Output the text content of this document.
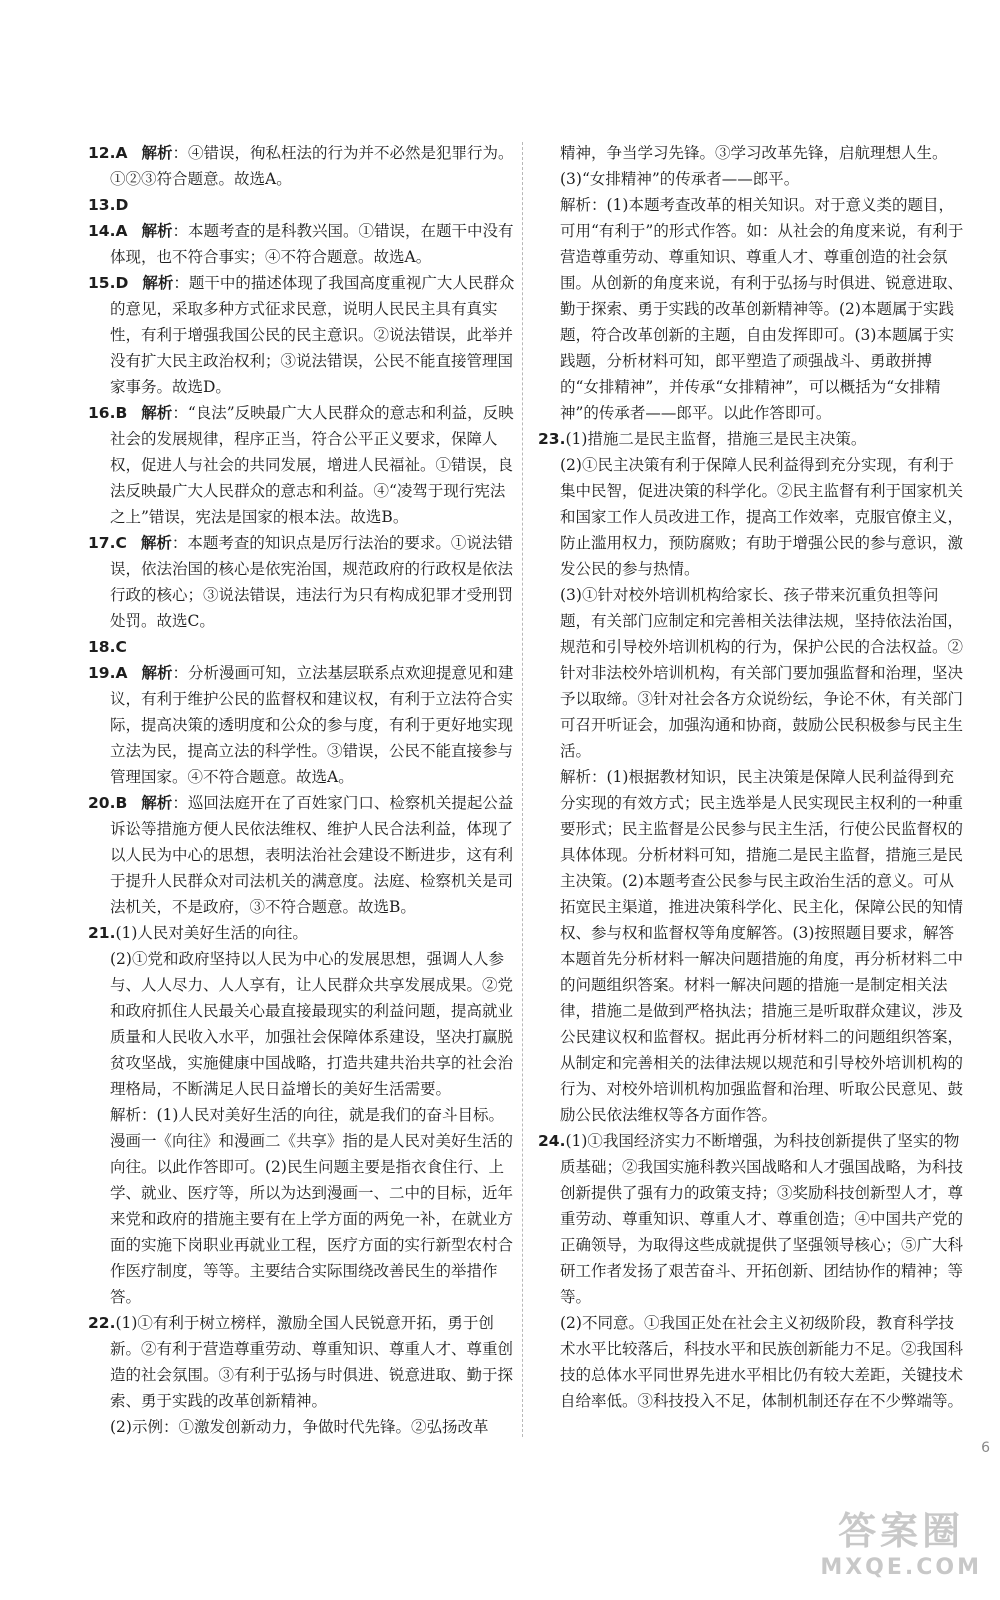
12.A 解析：④错误，徇私枉法的行为并不必然是犯罪行为。①②③符合题意。故选A。

13.D

14.A 解析：本题考查的是科教兴国。①错误，在题干中没有体现，也不符合事实；④不符合题意。故选A。

15.D 解析：题干中的描述体现了我国高度重视广大人民群众的意见，采取多种方式征求民意，说明人民民主具有真实性，有利于增强我国公民的民主意识。②说法错误，此举并没有扩大民主政治权利；③说法错误，公民不能直接管理国家事务。故选D。

16.B 解析：“良法”反映最广大人民群众的意志和利益，反映社会的发展规律，程序正当，符合公平正义要求，保障人权，促进人与社会的共同发展，增进人民福祉。①错误，良法反映最广大人民群众的意志和利益。④“凌驾于现行宪法之上”错误，宪法是国家的根本法。故选B。

17.C 解析：本题考查的知识点是厉行法治的要求。①说法错误，依法治国的核心是依宪治国，规范政府的行政权是依法行政的核心；③说法错误，违法行为只有构成犯罪才受刑罚处罚。故选C。

18.C

19.A 解析：分析漫画可知，立法基层联系点欢迎提意见和建议，有利于维护公民的监督权和建议权，有利于立法符合实际，提高决策的透明度和公众的参与度，有利于更好地实现立法为民，提高立法的科学性。③错误，公民不能直接参与管理国家。④不符合题意。故选A。

20.B 解析：巡回法庭开在了百姓家门口、检察机关提起公益诉讼等措施方便人民依法维权、维护人民合法利益，体现了以人民为中心的思想，表明法治社会建设不断进步，这有利于提升人民群众对司法机关的满意度。法庭、检察机关是司法机关，不是政府，③不符合题意。故选B。

21.(1)人民对美好生活的向往。

(2)①党和政府坚持以人民为中心的发展思想，强调人人参与、人人尽力、人人享有，让人民群众共享发展成果。②党和政府抓住人民最关心最直接最现实的利益问题，提高就业质量和人民收入水平，加强社会保障体系建设，坚决打赢脱贫攻坚战，实施健康中国战略，打造共建共治共享的社会治理格局，不断满足人民日益增长的美好生活需要。

解析：(1)人民对美好生活的向往，就是我们的奋斗目标。漫画一《向往》和漫画二《共享》指的是人民对美好生活的向往。以此作答即可。(2)民生问题主要是指衣食住行、上学、就业、医疗等，所以为达到漫画一、二中的目标，近年来党和政府的措施主要有在上学方面的两免一补，在就业方面的实施下岗职业再就业工程，医疗方面的实行新型农村合作医疗制度，等等。主要结合实际围绕改善民生的举措作答。

22.(1)①有利于树立榜样，激励全国人民锐意开拓，勇于创新。②有利于营造尊重劳动、尊重知识、尊重人才、尊重创造的社会氛围。③有利于弘扬与时俱进、锐意进取、勤于探索、勇于实践的改革创新精神。

(2)示例：①激发创新动力，争做时代先锋。②弘扬改革

精神，争当学习先锋。③学习改革先锋，启航理想人生。

(3)“女排精神”的传承者——郎平。

解析：(1)本题考查改革的相关知识。对于意义类的题目，可用“有利于”的形式作答。如：从社会的角度来说，有利于营造尊重劳动、尊重知识、尊重人才、尊重创造的社会氛围。从创新的角度来说，有利于弘扬与时俱进、锐意进取、勤于探索、勇于实践的改革创新精神等。(2)本题属于实践题，符合改革创新的主题，自由发挥即可。(3)本题属于实践题，分析材料可知，郎平塑造了顽强战斗、勇敢拼搏的“女排精神”，并传承“女排精神”，可以概括为“女排精神”的传承者——郎平。以此作答即可。

23.(1)措施二是民主监督，措施三是民主决策。

(2)①民主决策有利于保障人民利益得到充分实现，有利于集中民智，促进决策的科学化。②民主监督有利于国家机关和国家工作人员改进工作，提高工作效率，克服官僚主义，防止滥用权力，预防腐败；有助于增强公民的参与意识，激发公民的参与热情。

(3)①针对校外培训机构给家长、孩子带来沉重负担等问题，有关部门应制定和完善相关法律法规，坚持依法治国，规范和引导校外培训机构的行为，保护公民的合法权益。②针对非法校外培训机构，有关部门要加强监督和治理，坚决予以取缔。③针对社会各方众说纷纭，争论不休，有关部门可召开听证会，加强沟通和协商，鼓励公民积极参与民主生活。

解析：(1)根据教材知识，民主决策是保障人民利益得到充分实现的有效方式；民主选举是人民实现民主权利的一种重要形式；民主监督是公民参与民主生活，行使公民监督权的具体体现。分析材料可知，措施二是民主监督，措施三是民主决策。(2)本题考查公民参与民主政治生活的意义。可从拓宽民主渠道，推进决策科学化、民主化，保障公民的知情权、参与权和监督权等角度解答。(3)按照题目要求，解答本题首先分析材料一解决问题措施的角度，再分析材料二中的问题组织答案。材料一解决问题的措施一是制定相关法律，措施二是做到严格执法；措施三是听取群众建议，涉及公民建议权和监督权。据此再分析材料二的问题组织答案，从制定和完善相关的法律法规以规范和引导校外培训机构的行为、对校外培训机构加强监督和治理、听取公民意见、鼓励公民依法维权等各方面作答。

24.(1)①我国经济实力不断增强，为科技创新提供了坚实的物质基础；②我国实施科教兴国战略和人才强国战略，为科技创新提供了强有力的政策支持；③奖励科技创新型人才，尊重劳动、尊重知识、尊重人才、尊重创造；④中国共产党的正确领导，为取得这些成就提供了坚强领导核心；⑤广大科研工作者发扬了艰苦奋斗、开拓创新、团结协作的精神；等等。

(2)不同意。①我国正处在社会主义初级阶段，教育科学技术水平比较落后，科技水平和民族创新能力不足。②我国科技的总体水平同世界先进水平相比仍有较大差距，关键技术自给率低。③科技投入不足，体制机制还存在不少弊端等。

6
答案圈
MXQE.COM
